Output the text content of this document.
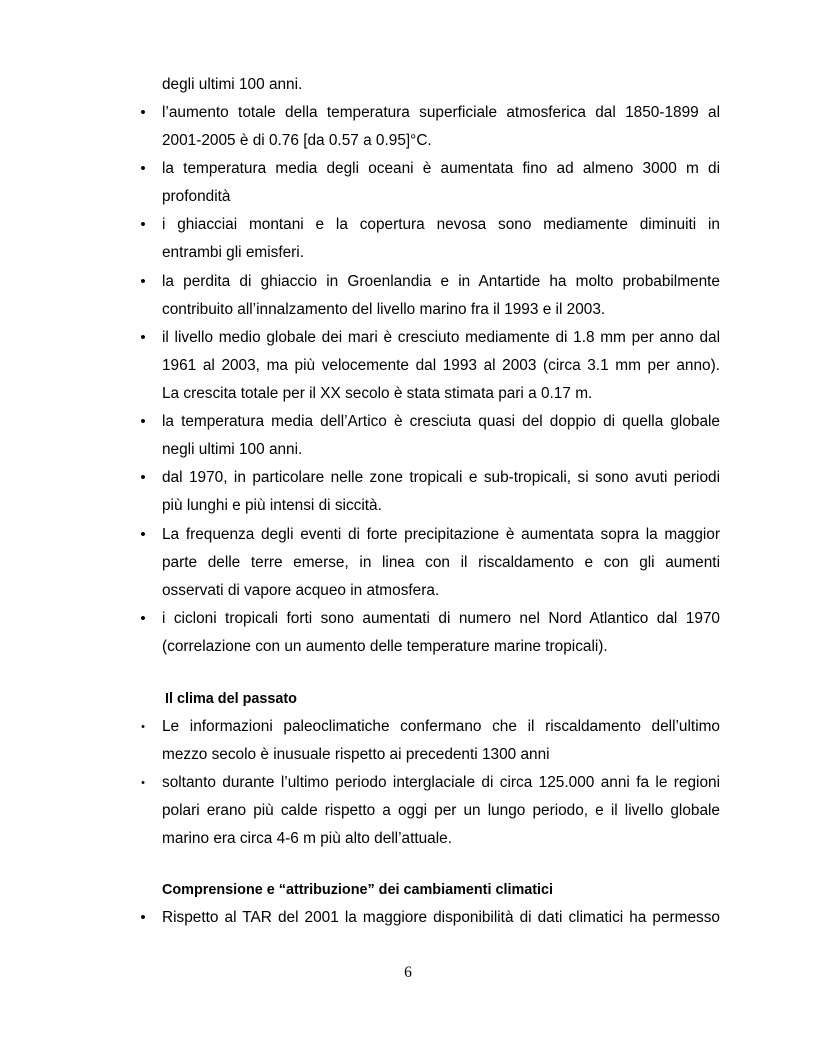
degli ultimi 100 anni.
• l’aumento totale della temperatura superficiale atmosferica dal 1850-1899 al
2001-2005 è di 0.76 [da 0.57 a 0.95]°C.
• la temperatura media degli oceani è aumentata fino ad almeno 3000 m di
profondità
• i ghiacciai montani e la copertura nevosa sono mediamente diminuiti in
entrambi gli emisferi.
• la perdita di ghiaccio in Groenlandia e in Antartide ha molto probabilmente
contribuito all’innalzamento del livello marino fra il 1993 e il 2003.
• il livello medio globale dei mari è cresciuto mediamente di 1.8 mm per anno dal
1961 al 2003, ma più velocemente dal 1993 al 2003 (circa 3.1 mm per anno).
La crescita totale per il XX secolo è stata stimata pari a 0.17 m.
• la temperatura media dell’Artico è cresciuta quasi del doppio di quella globale
negli ultimi 100 anni.
• dal 1970, in particolare nelle zone tropicali e sub-tropicali, si sono avuti periodi
più lunghi e più intensi di siccità.
• La frequenza degli eventi di forte precipitazione è aumentata sopra la maggior
parte delle terre emerse, in linea con il riscaldamento e con gli aumenti
osservati di vapore acqueo in atmosfera.
• i cicloni tropicali forti sono aumentati di numero nel Nord Atlantico dal 1970
(correlazione con un aumento delle temperature marine tropicali).
Il clima del passato
•	Le informazioni paleoclimatiche confermano che il riscaldamento dell’ultimo
mezzo secolo è inusuale rispetto ai precedenti 1300 anni
•	soltanto durante l’ultimo periodo interglaciale di circa 125.000 anni fa le regioni
polari erano più calde rispetto a oggi per un lungo periodo, e il livello globale
marino era circa 4-6 m più alto dell’attuale.
Comprensione e “attribuzione” dei cambiamenti climatici
• Rispetto al TAR del 2001 la maggiore disponibilità di dati climatici ha permesso
6
